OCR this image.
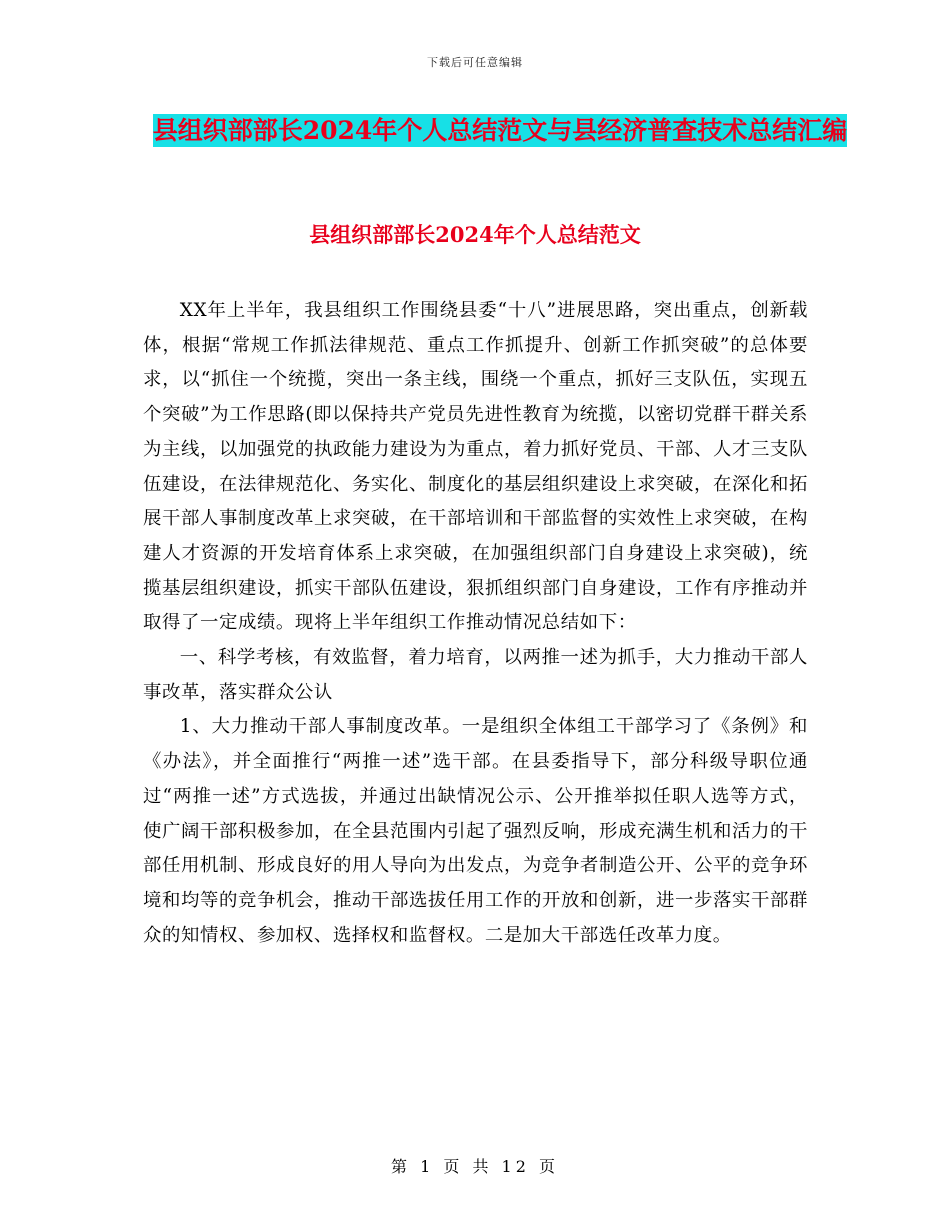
下载后可任意编辑
县组织部部长2024年个人总结范文与县经济普查技术总结汇编
县组织部部长2024年个人总结范文

XX年上半年，我县组织工作围绕县委“十八”进展思路，突出重点，创新载体，根据“常规工作抓法律规范、重点工作抓提升、创新工作抓突破”的总体要求，以“抓住一个统揽，突出一条主线，围绕一个重点，抓好三支队伍，实现五个突破”为工作思路(即以保持共产党员先进性教育为统揽，以密切党群干群关系为主线，以加强党的执政能力建设为为重点，着力抓好党员、干部、人才三支队伍建设，在法律规范化、务实化、制度化的基层组织建设上求突破，在深化和拓展干部人事制度改革上求突破，在干部培训和干部监督的实效性上求突破，在构建人才资源的开发培育体系上求突破，在加强组织部门自身建设上求突破)，统揽基层组织建设，抓实干部队伍建设，狠抓组织部门自身建设，工作有序推动并取得了一定成绩。现将上半年组织工作推动情况总结如下：

一、科学考核，有效监督，着力培育，以两推一述为抓手，大力推动干部人事改革，落实群众公认

1、大力推动干部人事制度改革。一是组织全体组工干部学习了《条例》和《办法》，并全面推行“两推一述”选干部。在县委指导下，部分科级导职位通过“两推一述”方式选拔，并通过出缺情况公示、公开推举拟任职人选等方式，使广阔干部积极参加，在全县范围内引起了强烈反响，形成充满生机和活力的干部任用机制、形成良好的用人导向为出发点，为竞争者制造公开、公平的竞争环境和均等的竞争机会，推动干部选拔任用工作的开放和创新，进一步落实干部群众的知情权、参加权、选择权和监督权。二是加大干部选任改革力度。

第 1 页 共 12 页
